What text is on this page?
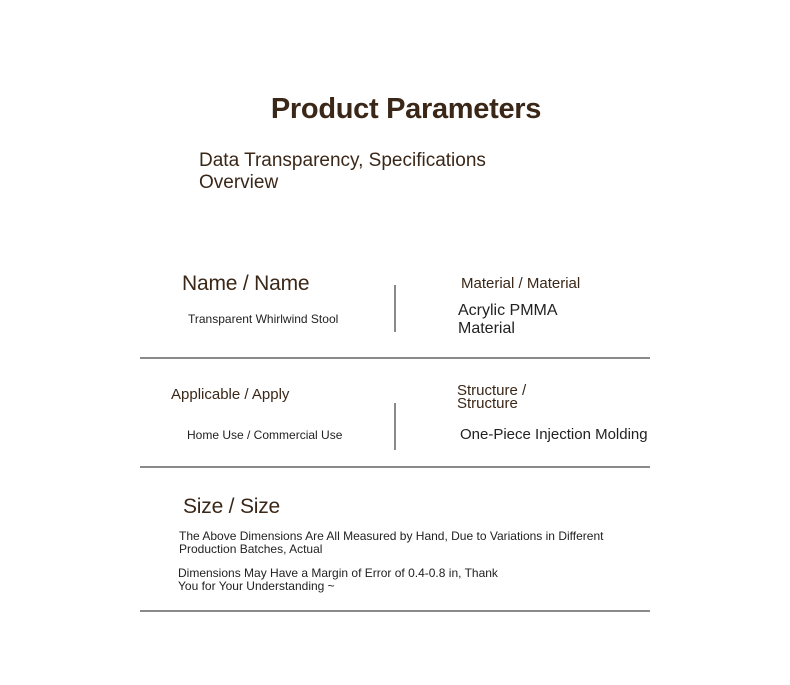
Product Parameters
Data Transparency, Specifications Overview
Name / Name
Transparent Whirlwind Stool
Material / Material
Acrylic PMMA Material
Applicable / Apply
Home Use / Commercial Use
Structure / Structure
One-Piece Injection Molding
Size / Size
The Above Dimensions Are All Measured by Hand, Due to Variations in Different Production Batches, Actual
Dimensions May Have a Margin of Error of 0.4-0.8 in, Thank You for Your Understanding ~
